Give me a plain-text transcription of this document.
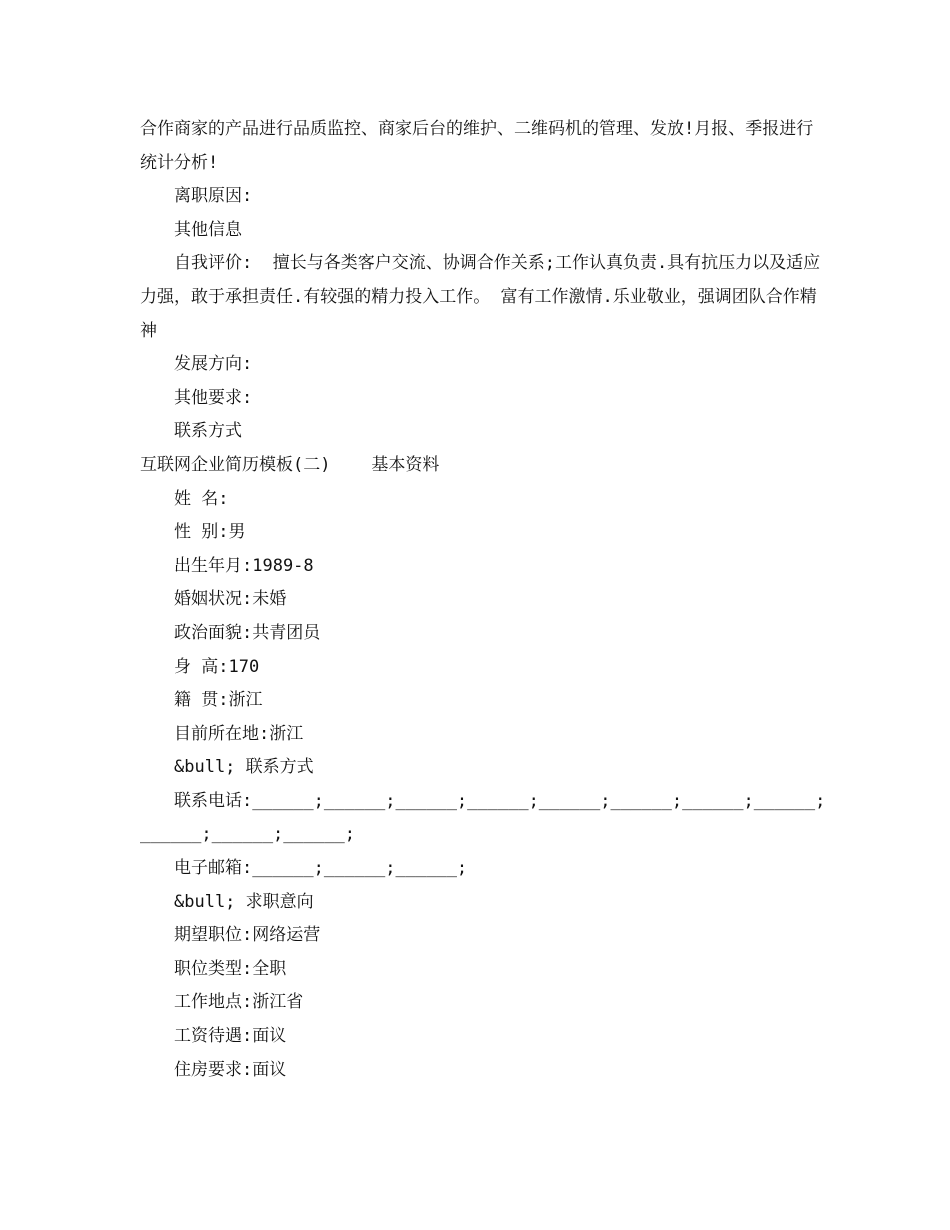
合作商家的产品进行品质监控、商家后台的维护、二维码机的管理、发放!月报、季报进行统计分析!

离职原因:

其他信息

自我评价:  擅长与各类客户交流、协调合作关系;工作认真负责.具有抗压力以及适应力强，敢于承担责任.有较强的精力投入工作。 富有工作激情.乐业敬业，强调团队合作精神

发展方向:

其他要求:

联系方式

互联网企业简历模板(二)    基本资料

姓 名:

性 别:男

出生年月:1989-8

婚姻状况:未婚

政治面貌:共青团员

身 高:170

籍 贯:浙江

目前所在地:浙江

&bull; 联系方式

联系电话:______;______;______;______;______;______;______;______;______;______;______;

电子邮箱:______;______;______;

&bull; 求职意向

期望职位:网络运营

职位类型:全职

工作地点:浙江省

工资待遇:面议

住房要求:面议
